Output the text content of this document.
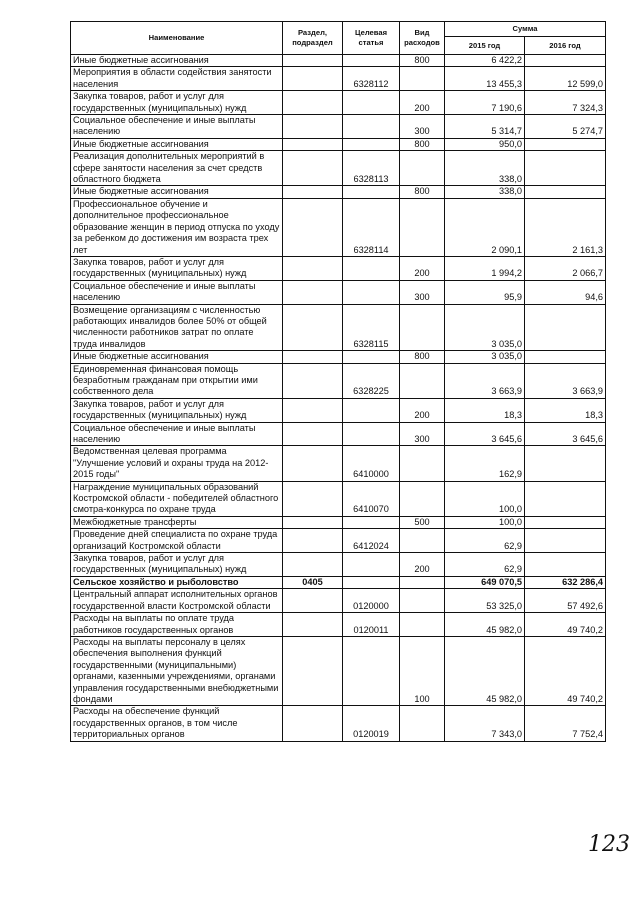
Наименование	Раздел, подраздел	Целевая статья	Вид расходов	Сумма	
				2015 год	2016 год
Иные бюджетные ассигнования			800	6 422,2	
Мероприятия в области содействия занятости населения		6328112		13 455,3	12 599,0
Закупка товаров, работ и услуг для государственных (муниципальных) нужд			200	7 190,6	7 324,3
Социальное обеспечение и иные выплаты населению			300	5 314,7	5 274,7
Иные бюджетные ассигнования			800	950,0	
Реализация дополнительных мероприятий в сфере занятости населения за счет средств областного бюджета		6328113		338,0	
Иные бюджетные ассигнования			800	338,0	
Профессиональное обучение и дополнительное профессиональное образование женщин в период отпуска по уходу за ребенком до достижения им возраста трех лет		6328114		2 090,1	2 161,3
Закупка товаров, работ и услуг для государственных (муниципальных) нужд			200	1 994,2	2 066,7
Социальное обеспечение и иные выплаты населению			300	95,9	94,6
Возмещение организациям с численностью работающих инвалидов более 50% от общей численности работников затрат по оплате труда инвалидов		6328115		3 035,0	
Иные бюджетные ассигнования			800	3 035,0	
Единовременная финансовая помощь безработным гражданам при открытии ими собственного дела		6328225		3 663,9	3 663,9
Закупка товаров, работ и услуг для государственных (муниципальных) нужд			200	18,3	18,3
Социальное обеспечение и иные выплаты населению			300	3 645,6	3 645,6
Ведомственная целевая программа "Улучшение условий и охраны труда на 2012-2015 годы"		6410000		162,9	
Награждение муниципальных образований Костромской области - победителей областного смотра-конкурса по охране труда		6410070		100,0	
Межбюджетные трансферты			500	100,0	
Проведение дней специалиста по охране труда организаций Костромской области		6412024		62,9	
Закупка товаров, работ и услуг для государственных (муниципальных) нужд			200	62,9	
Сельское хозяйство и рыболовство	0405			649 070,5	632 286,4
Центральный аппарат исполнительных органов государственной власти Костромской области		0120000		53 325,0	57 492,6
Расходы на выплаты по оплате труда работников государственных органов		0120011		45 982,0	49 740,2
Расходы на выплаты персоналу в целях обеспечения выполнения функций государственными (муниципальными) органами, казенными учреждениями, органами управления государственными внебюджетными фондами			100	45 982,0	49 740,2
Расходы на обеспечение функций государственных органов, в том числе территориальных органов		0120019		7 343,0	7 752,4
123
